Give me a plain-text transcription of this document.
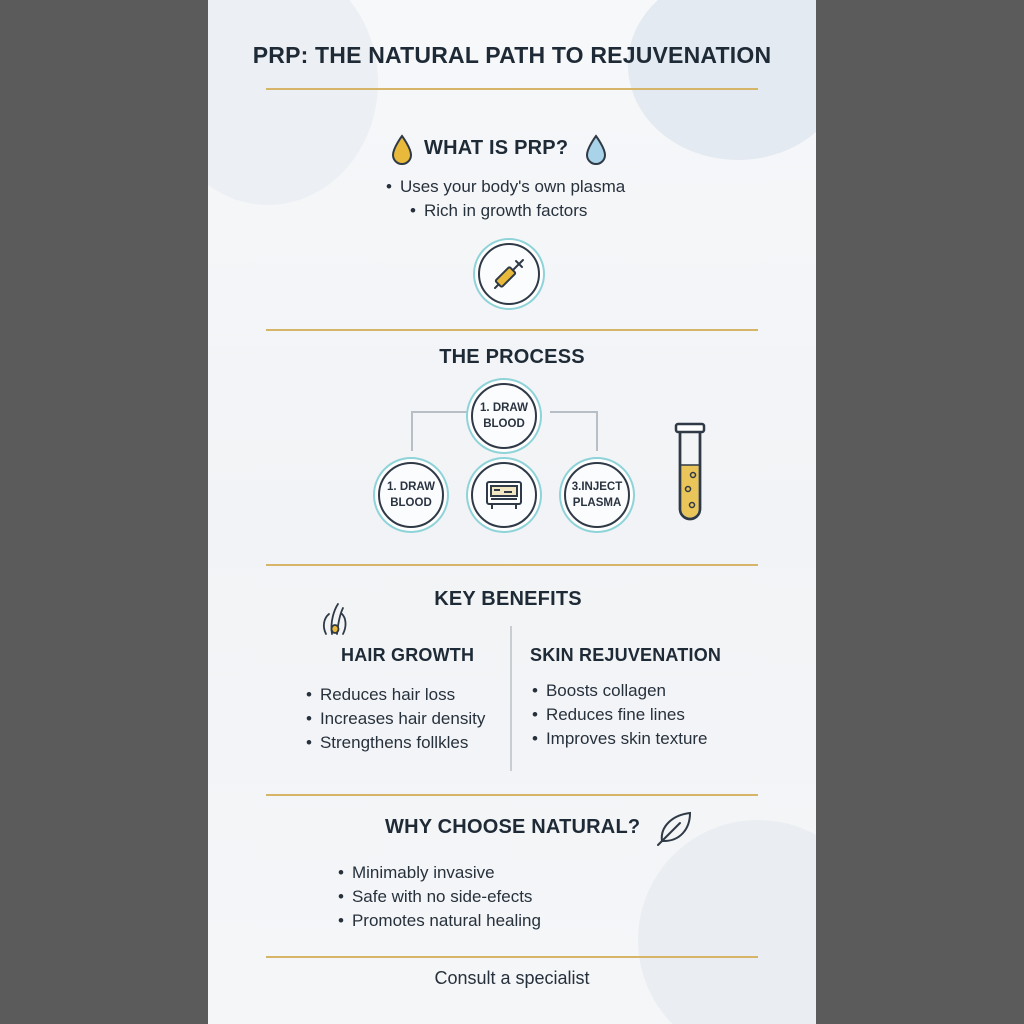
PRP: THE NATURAL PATH TO REJUVENATION
WHAT IS PRP?
• Uses your body's own plasma
• Rich in growth factors
THE PROCESS
1. DRAW
BLOOD
1. DRAW
BLOOD
3.INJECT
PLASMA
KEY BENEFITS
HAIR GROWTH
• Reduces hair loss
• Increases hair density
• Strengthens follkles
SKIN REJUVENATION
• Boosts collagen
• Reduces fine lines
• Improves skin texture
WHY CHOOSE NATURAL?
• Minimably invasive
• Safe with no side-efects
• Promotes natural healing
Consult a specialist
